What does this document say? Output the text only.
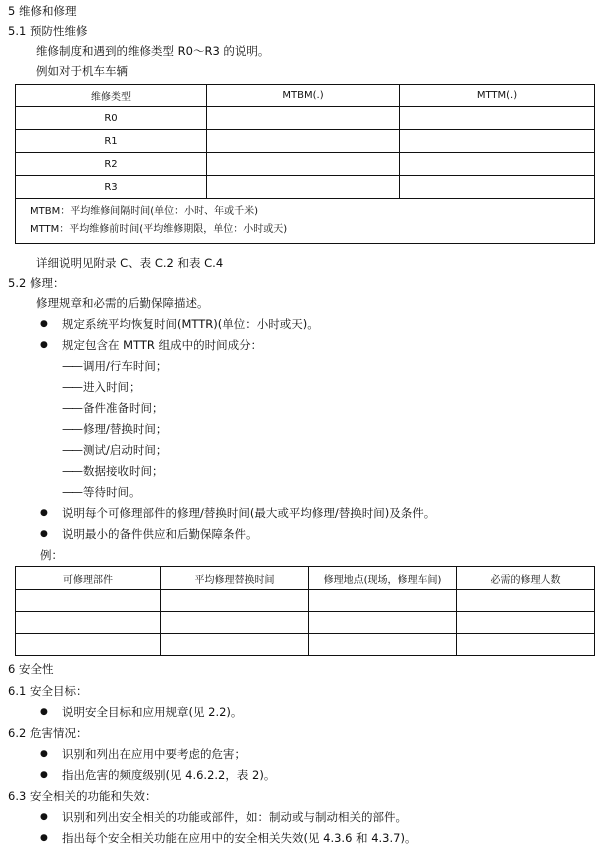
5 维修和修理
5.1 预防性维修
维修制度和遇到的维修类型 R0～R3 的说明。
例如对于机车车辆
维修类型	MTBM(.)	MTTM(.)
R0		
R1		
R2		
R3		

MTBM：平均维修间隔时间(单位：小时、年或千米)
MTTM：平均维修前时间(平均维修期限，单位：小时或天)		
详细说明见附录 C、表 C.2 和表 C.4
5.2 修理：
修理规章和必需的后勤保障描述。
● 规定系统平均恢复时间(MTTR)(单位：小时或天)。
● 规定包含在 MTTR 组成中的时间成分：
—— 调用/行车时间；
—— 进入时间；
—— 备件准备时间；
—— 修理/替换时间；
—— 测试/启动时间；
—— 数据接收时间；
—— 等待时间。
● 说明每个可修理部件的修理/替换时间(最大或平均修理/替换时间)及条件。
● 说明最小的备件供应和后勤保障条件。
例：
可修理部件	平均修理替换时间	修理地点(现场，修理车间)	必需的修理人数

6 安全性
6.1 安全目标：
● 说明安全目标和应用规章(见 2.2)。
6.2 危害情况：
● 识别和列出在应用中要考虑的危害；
● 指出危害的频度级别(见 4.6.2.2，表 2)。
6.3 安全相关的功能和失效：
● 识别和列出安全相关的功能或部件，如：制动或与制动相关的部件。
● 指出每个安全相关功能在应用中的安全相关失效(见 4.3.6 和 4.3.7)。
